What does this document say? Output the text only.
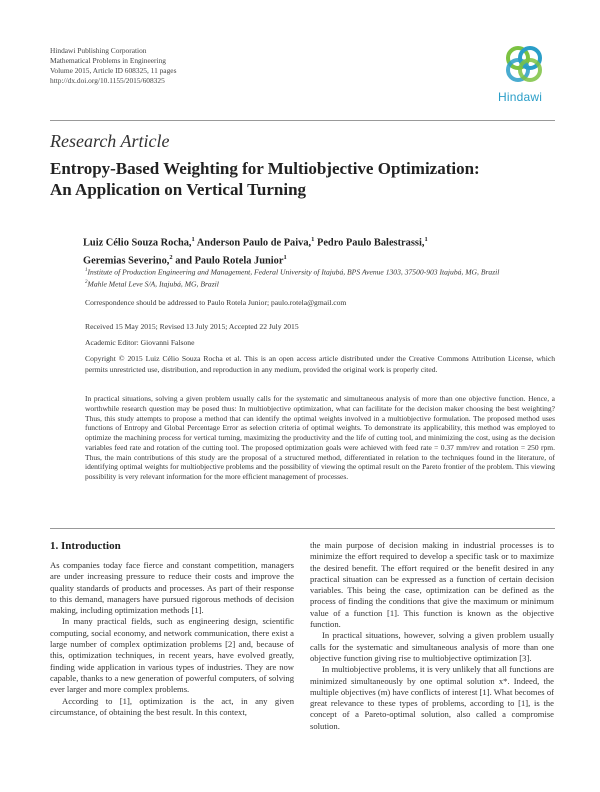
Hindawi Publishing Corporation
Mathematical Problems in Engineering
Volume 2015, Article ID 608325, 11 pages
http://dx.doi.org/10.1155/2015/608325
Hindawi
Research Article
Entropy-Based Weighting for Multiobjective Optimization:
An Application on Vertical Turning
Luiz Célio Souza Rocha,$^1$ Anderson Paulo de Paiva,$^1$ Pedro Paulo Balestrassi,$^1$
Geremias Severino,$^2$ and Paulo Rotela Junior$^1$
$^1$Institute of Production Engineering and Management, Federal University of Itajubá, BPS Avenue 1303, 37500-903 Itajubá, MG, Brazil
$^2$Mahle Metal Leve S/A, Itajubá, MG, Brazil
Correspondence should be addressed to Paulo Rotela Junior; paulo.rotela@gmail.com
Received 15 May 2015; Revised 13 July 2015; Accepted 22 July 2015
Academic Editor: Giovanni Falsone
Copyright © 2015 Luiz Célio Souza Rocha et al. This is an open access article distributed under the Creative Commons Attribution License, which permits unrestricted use, distribution, and reproduction in any medium, provided the original work is properly cited.
In practical situations, solving a given problem usually calls for the systematic and simultaneous analysis of more than one objective function. Hence, a worthwhile research question may be posed thus: In multiobjective optimization, what can facilitate for the decision maker choosing the best weighting? Thus, this study attempts to propose a method that can identify the optimal weights involved in a multiobjective formulation. The proposed method uses functions of Entropy and Global Percentage Error as selection criteria of optimal weights. To demonstrate its applicability, this method was employed to optimize the machining process for vertical turning, maximizing the productivity and the life of cutting tool, and minimizing the cost, using as the decision variables feed rate and rotation of the cutting tool. The proposed optimization goals were achieved with feed rate = 0.37 mm/rev and rotation = 250 rpm. Thus, the main contributions of this study are the proposal of a structured method, differentiated in relation to the techniques found in the literature, of identifying optimal weights for multiobjective problems and the possibility of viewing the optimal result on the Pareto frontier of the problem. This viewing possibility is very relevant information for the more efficient management of processes.
1. Introduction

As companies today face fierce and constant competition, managers are under increasing pressure to reduce their costs and improve the quality standards of products and processes. As part of their response to this demand, managers have pursued rigorous methods of decision making, including optimization methods [1].

In many practical fields, such as engineering design, scientific computing, social economy, and network communication, there exist a large number of complex optimization problems [2] and, because of this, optimization techniques, in recent years, have evolved greatly, finding wide application in various types of industries. They are now capable, thanks to a new generation of powerful computers, of solving ever larger and more complex problems.

According to [1], optimization is the act, in any given circumstance, of obtaining the best result. In this context,

the main purpose of decision making in industrial processes is to minimize the effort required to develop a specific task or to maximize the desired benefit. The effort required or the benefit desired in any practical situation can be expressed as a function of certain decision variables. This being the case, optimization can be defined as the process of finding the conditions that give the maximum or minimum value of a function [1]. This function is known as the objective function.

In practical situations, however, solving a given problem usually calls for the systematic and simultaneous analysis of more than one objective function giving rise to multiobjective optimization [3].

In multiobjective problems, it is very unlikely that all functions are minimized simultaneously by one optimal solution x*. Indeed, the multiple objectives (m) have conflicts of interest [1]. What becomes of great relevance to these types of problems, according to [1], is the concept of a Pareto-optimal solution, also called a compromise solution.
